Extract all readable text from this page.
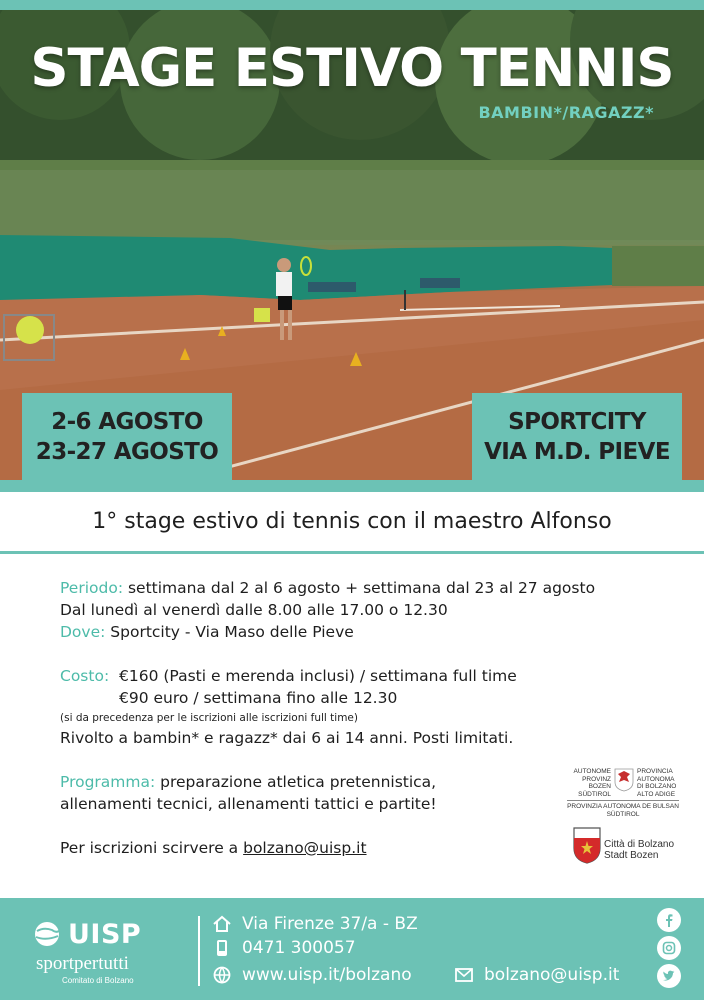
STAGE ESTIVO TENNIS
BAMBIN*/RAGAZZ*
2-6 AGOSTO
23-27 AGOSTO
SPORTCITY
VIA M.D. PIEVE
1° stage estivo di tennis con il maestro Alfonso
Periodo: settimana dal 2 al 6 agosto + settimana dal 23 al 27 agosto
Dal lunedì al venerdì dalle 8.00 alle 17.00 o 12.30
Dove: Sportcity - Via Maso delle Pieve
Costo: €160 (Pasti e merenda inclusi) / settimana full time
€90 euro / settimana fino alle 12.30
(si da precedenza per le iscrizioni alle iscrizioni full time)
Rivolto a bambin* e ragazz* dai 6 ai 14 anni. Posti limitati.
Programma: preparazione atletica pretennistica,
allenamenti tecnici, allenamenti tattici e partite!
Per iscrizioni scirvere a bolzano@uisp.it
AUTONOME PROVINZ BOZEN SÜDTIROL
PROVINCIA AUTONOMA DI BOLZANO ALTO ADIGE
PROVINZIA AUTONOMA DE BULSAN SÜDTIROL
Città di Bolzano
Stadt Bozen
UISP
sportpertutti
Comitato di Bolzano
Via Firenze 37/a - BZ
0471 300057
www.uisp.it/bolzano	bolzano@uisp.it
